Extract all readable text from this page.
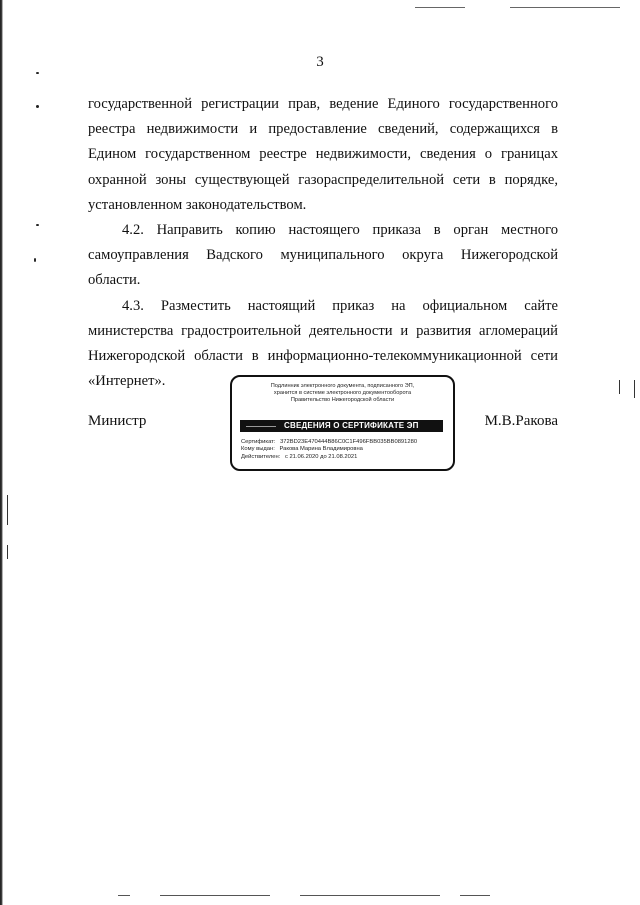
3

государственной регистрации прав, ведение Единого государственного реестра недвижимости и предоставление сведений, содержащихся в Едином государственном реестре недвижимости, сведения о границах охранной зоны существующей газораспределительной сети в порядке, установленном законодательством.

4.2. Направить копию настоящего приказа в орган местного самоуправления Вадского муниципального округа Нижегородской области.

4.3. Разместить настоящий приказ на официальном сайте министерства градостроительной деятельности и развития агломераций Нижегородской области в информационно-телекоммуникационной сети «Интернет».

Министр	М.В.Ракова
Подлинник электронного документа, подписанного ЭП,
хранится в системе электронного документооборота
Правительство Нижегородской области
СВЕДЕНИЯ О СЕРТИФИКАТЕ ЭП
Сертификат: 372BD23E470444B86C0C1F496FBB035BB0891280
Кому выдан: Ракова Марина Владимировна
Действителен: с 21.06.2020 до 21.08.2021
